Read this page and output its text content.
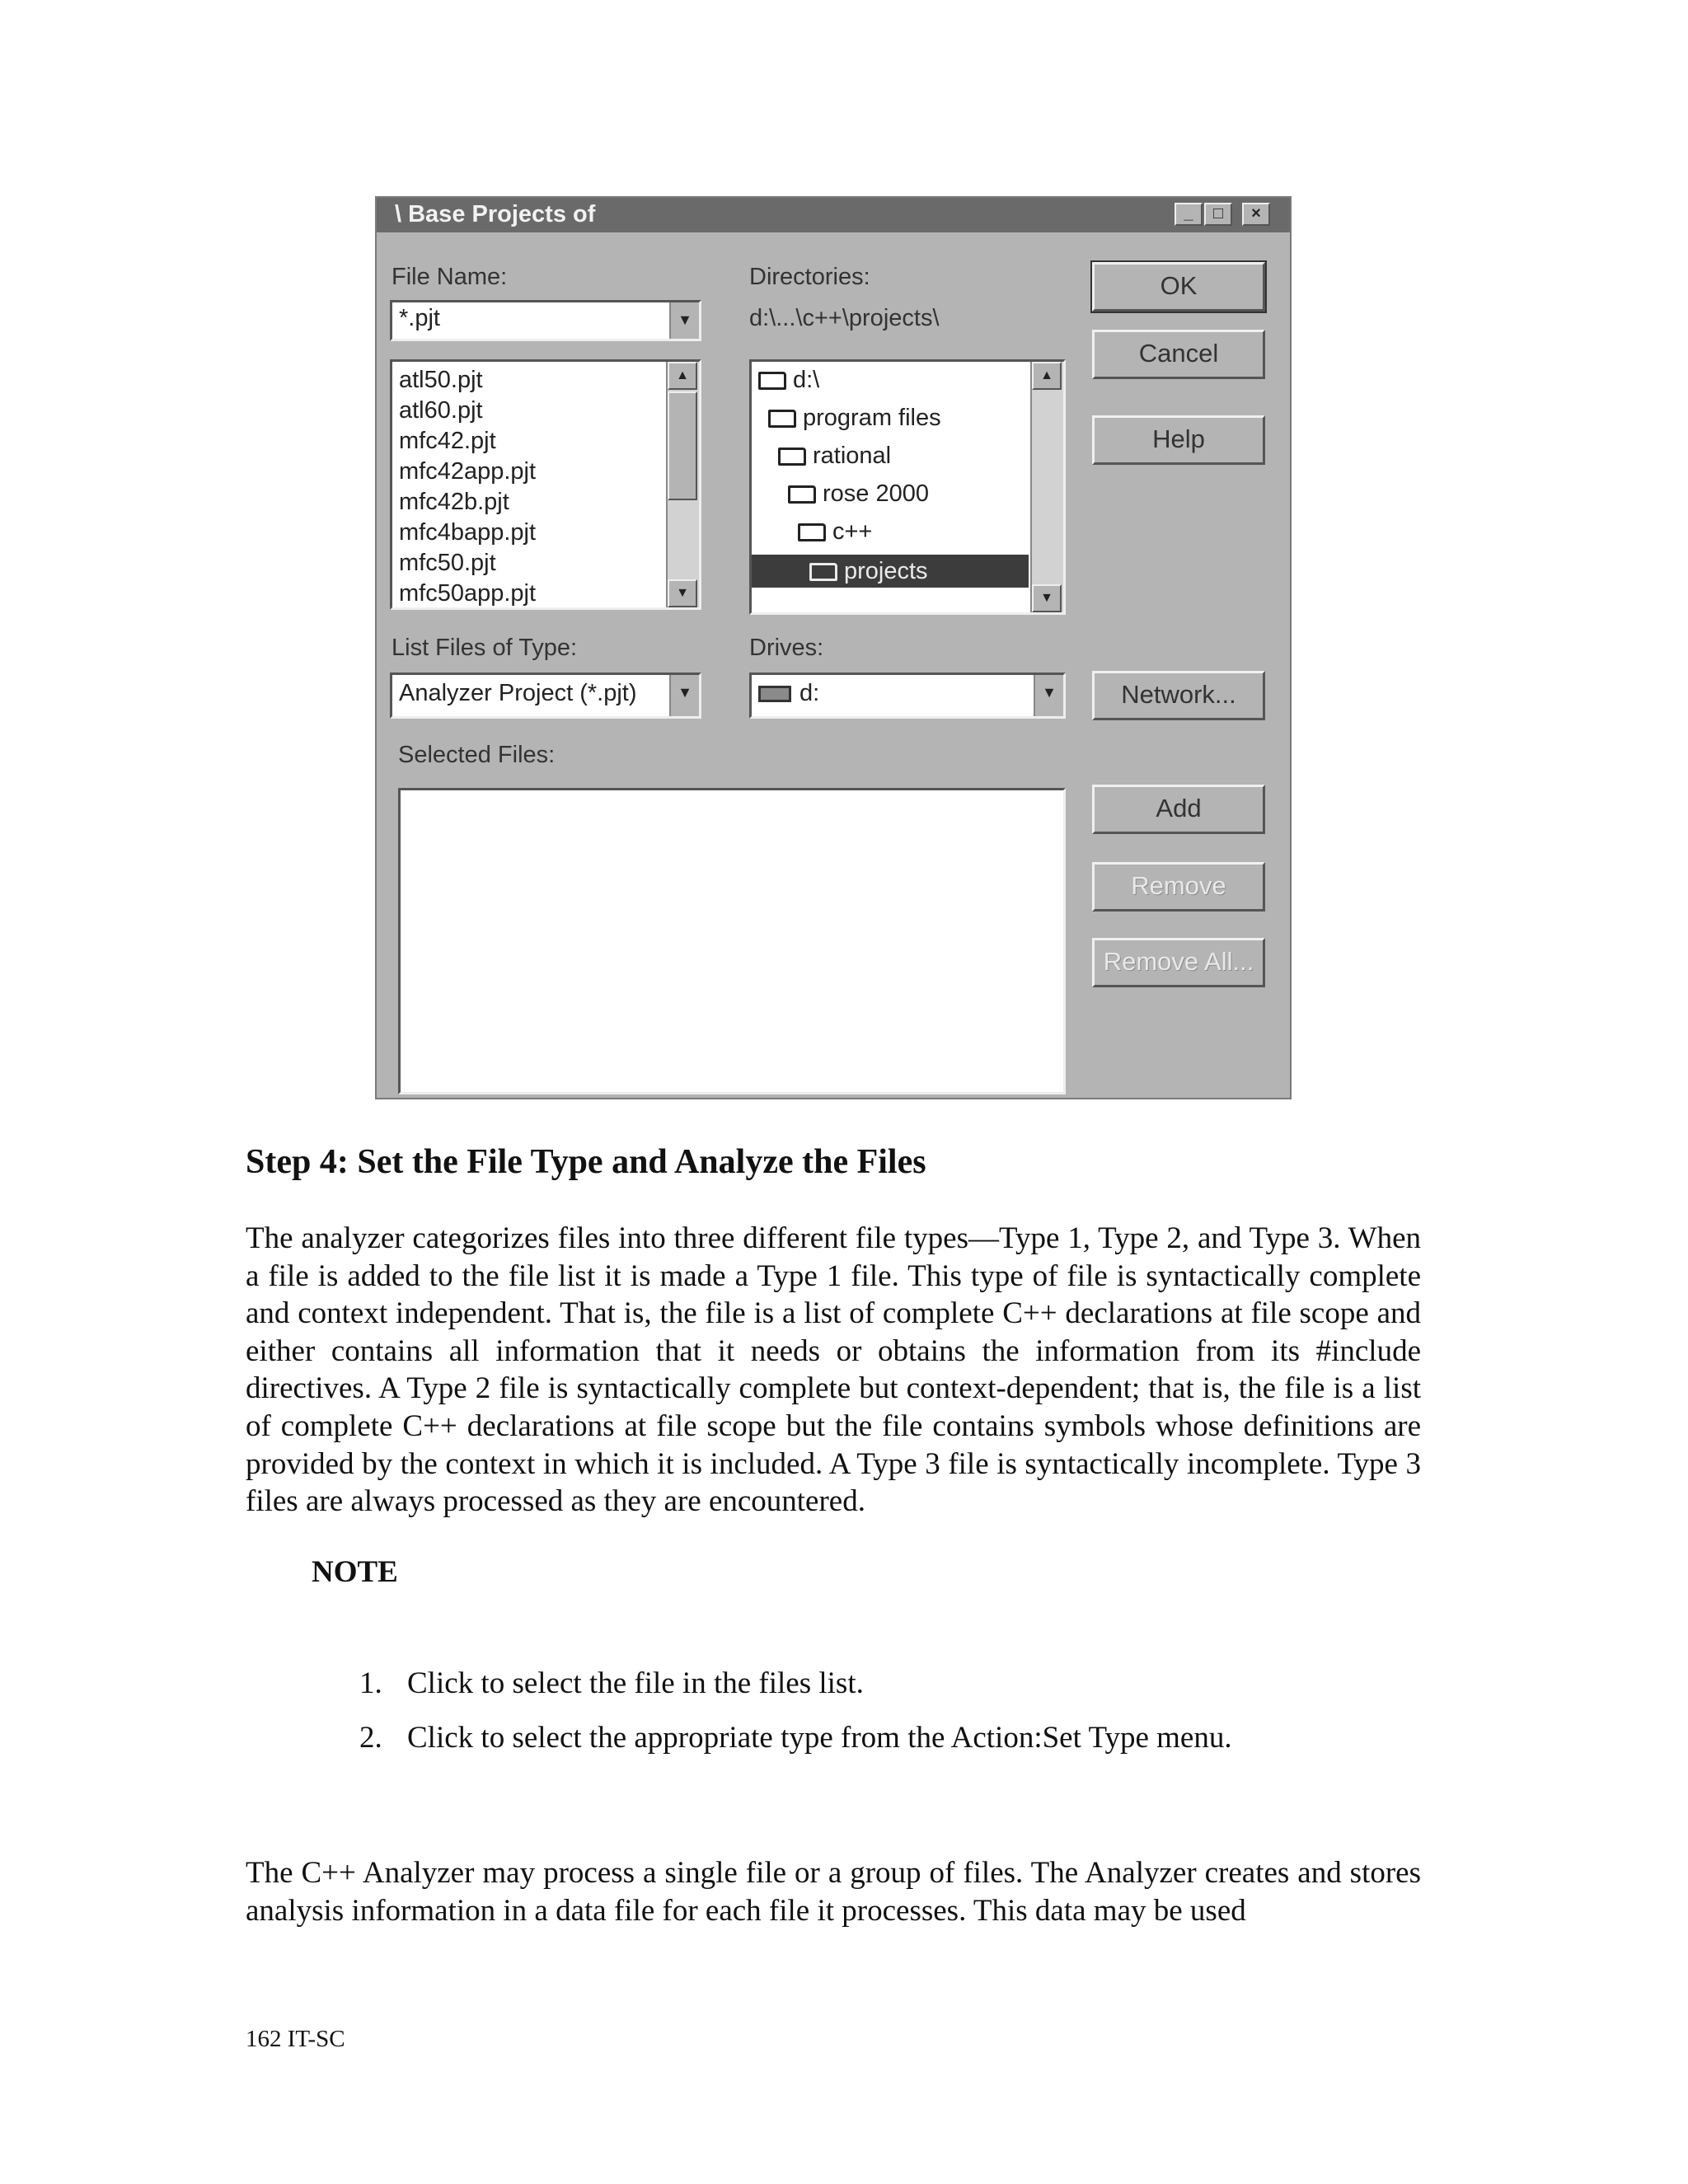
\ Base Projects of	_	□	×
File Name:
*.pjt	▼
atl50.pjt
atl60.pjt
mfc42.pjt
mfc42app.pjt
mfc42b.pjt
mfc4bapp.pjt
mfc50.pjt
mfc50app.pjt
▲
▼
Directories:
d:\...\c++\projects\
d:\
program files
rational
rose 2000
c++
projects
▲
▼
List Files of Type:
Analyzer Project (*.pjt)	▼
Drives:
d:	▼
Selected Files:
OK
Cancel
Help
Network...
Add
Remove
Remove All...
Step 4: Set the File Type and Analyze the Files

The analyzer categorizes files into three different file types—Type 1, Type 2, and Type 3. When a file is added to the file list it is made a Type 1 file. This type of file is syntactically complete and context independent. That is, the file is a list of complete C++ declarations at file scope and either contains all information that it needs or obtains the information from its #include directives. A Type 2 file is syntactically complete but context-dependent; that is, the file is a list of complete C++ declarations at file scope but the file contains symbols whose definitions are provided by the context in which it is included. A Type 3 file is syntactically incomplete. Type 3 files are always processed as they are encountered.

NOTE

1. Click to select the file in the files list.
2. Click to select the appropriate type from the Action:Set Type menu.

The C++ Analyzer may process a single file or a group of files. The Analyzer creates and stores analysis information in a data file for each file it processes. This data may be used

162 IT-SC
